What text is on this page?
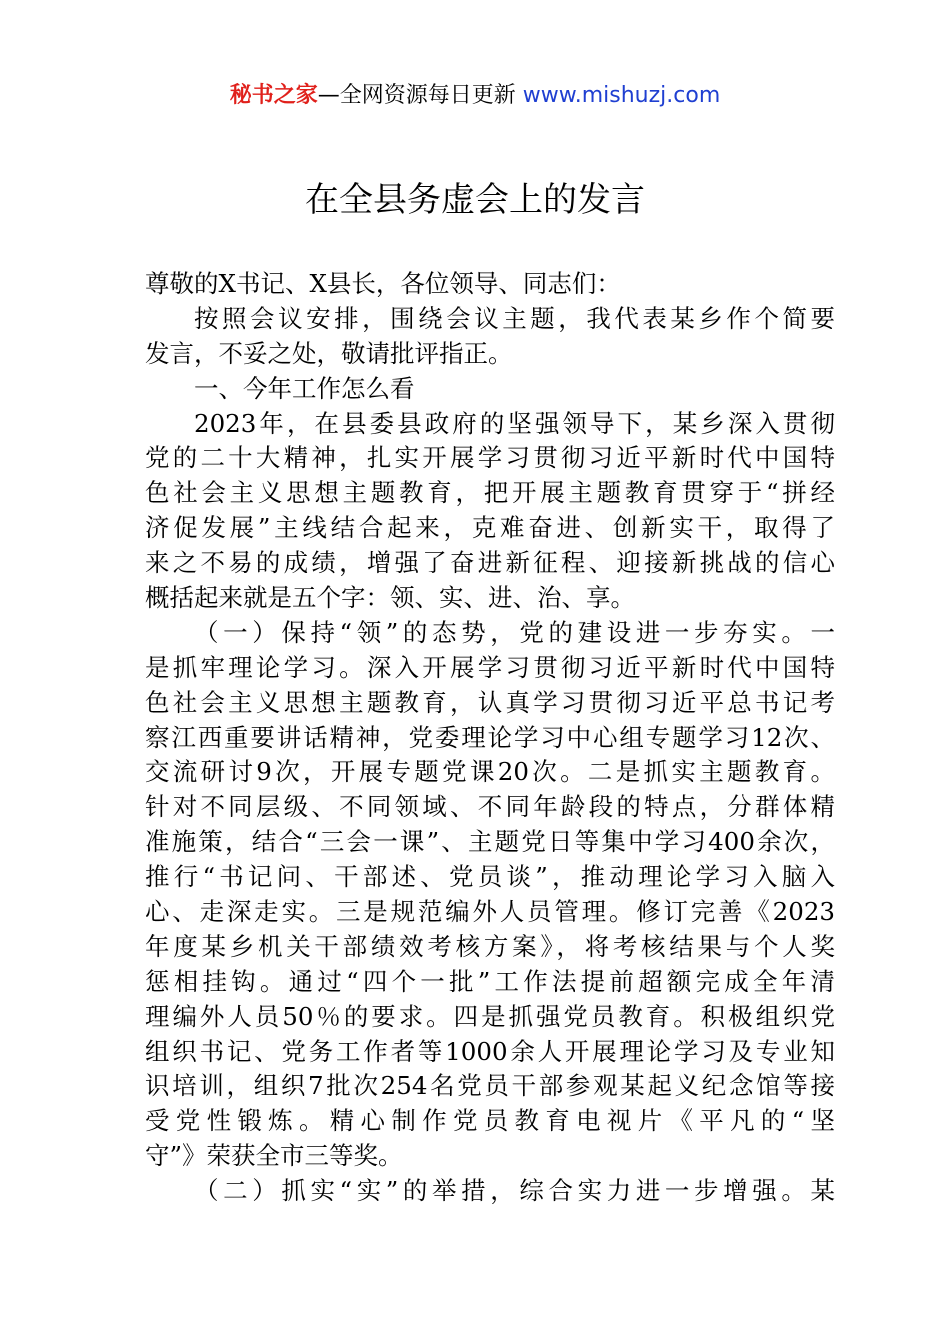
秘书之家—全网资源每日更新 www.mishuzj.com
在全县务虚会上的发言
尊敬的X书记、X县长，各位领导、同志们：
按照会议安排，围绕会议主题，我代表某乡作个简要
发言，不妥之处，敬请批评指正。
一、今年工作怎么看
2023年，在县委县政府的坚强领导下，某乡深入贯彻
党的二十大精神，扎实开展学习贯彻习近平新时代中国特
色社会主义思想主题教育，把开展主题教育贯穿于“拼经
济促发展”主线结合起来，克难奋进、创新实干，取得了
来之不易的成绩，增强了奋进新征程、迎接新挑战的信心
概括起来就是五个字：领、实、进、治、享。
（一）保持“领”的态势，党的建设进一步夯实。一
是抓牢理论学习。深入开展学习贯彻习近平新时代中国特
色社会主义思想主题教育，认真学习贯彻习近平总书记考
察江西重要讲话精神，党委理论学习中心组专题学习12次、
交流研讨9次，开展专题党课20次。二是抓实主题教育。
针对不同层级、不同领域、不同年龄段的特点，分群体精
准施策，结合“三会一课”、主题党日等集中学习400余次，
推行“书记问、干部述、党员谈”，推动理论学习入脑入
心、走深走实。三是规范编外人员管理。修订完善《2023
年度某乡机关干部绩效考核方案》，将考核结果与个人奖
惩相挂钩。通过“四个一批”工作法提前超额完成全年清
理编外人员50％的要求。四是抓强党员教育。积极组织党
组织书记、党务工作者等1000余人开展理论学习及专业知
识培训，组织7批次254名党员干部参观某起义纪念馆等接
受党性锻炼。精心制作党员教育电视片《平凡的“坚
守”》荣获全市三等奖。
（二）抓实“实”的举措，综合实力进一步增强。某
